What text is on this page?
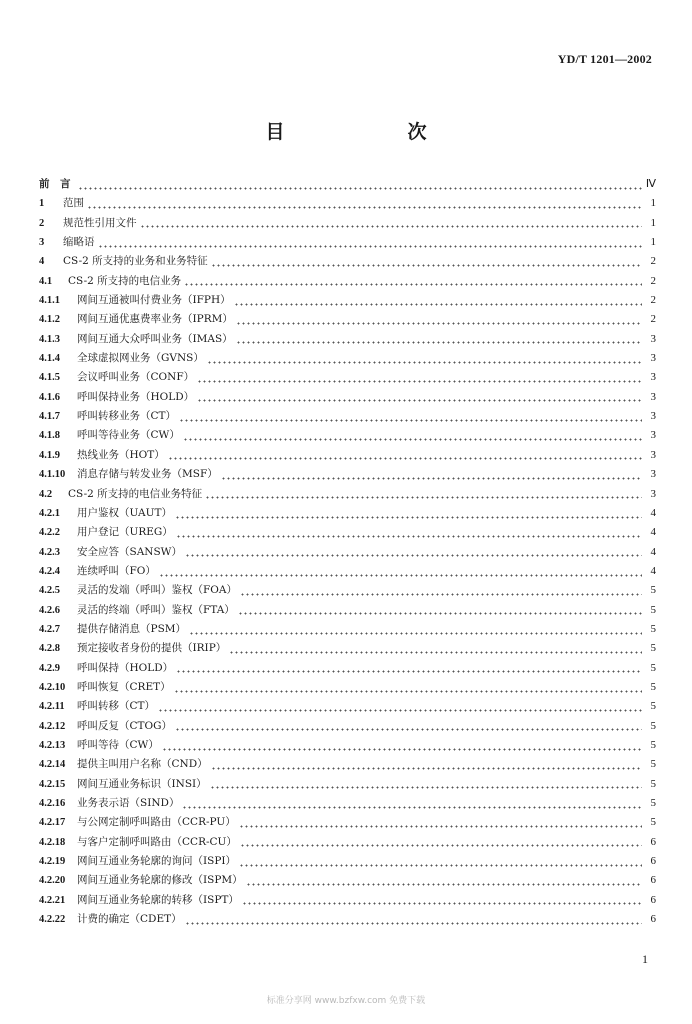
YD/T 1201—2002
目　次
前　言	Ⅳ
1	范围	1
2	规范性引用文件	1
3	缩略语	1
4	CS-2 所支持的业务和业务特征	2
4.1	CS-2 所支持的电信业务	2
4.1.1	网间互通被叫付费业务（IFPH）	2
4.1.2	网间互通优惠费率业务（IPRM）	2
4.1.3	网间互通大众呼叫业务（IMAS）	3
4.1.4	全球虚拟网业务（GVNS）	3
4.1.5	会议呼叫业务（CONF）	3
4.1.6	呼叫保持业务（HOLD）	3
4.1.7	呼叫转移业务（CT）	3
4.1.8	呼叫等待业务（CW）	3
4.1.9	热线业务（HOT）	3
4.1.10	消息存储与转发业务（MSF）	3
4.2	CS-2 所支持的电信业务特征	3
4.2.1	用户鉴权（UAUT）	4
4.2.2	用户登记（UREG）	4
4.2.3	安全应答（SANSW）	4
4.2.4	连续呼叫（FO）	4
4.2.5	灵活的发端（呼叫）鉴权（FOA）	5
4.2.6	灵活的终端（呼叫）鉴权（FTA）	5
4.2.7	提供存储消息（PSM）	5
4.2.8	预定接收者身份的提供（IRIP）	5
4.2.9	呼叫保持（HOLD）	5
4.2.10	呼叫恢复（CRET）	5
4.2.11	呼叫转移（CT）	5
4.2.12	呼叫反复（CTOG）	5
4.2.13	呼叫等待（CW）	5
4.2.14	提供主叫用户名称（CND）	5
4.2.15	网间互通业务标识（INSI）	5
4.2.16	业务表示语（SIND）	5
4.2.17	与公网定制呼叫路由（CCR-PU）	5
4.2.18	与客户定制呼叫路由（CCR-CU）	6
4.2.19	网间互通业务轮廓的询问（ISPI）	6
4.2.20	网间互通业务轮廓的修改（ISPM）	6
4.2.21	网间互通业务轮廓的转移（ISPT）	6
4.2.22	计费的确定（CDET）	6
1
标准分享网 www.bzfxw.com 免费下载
